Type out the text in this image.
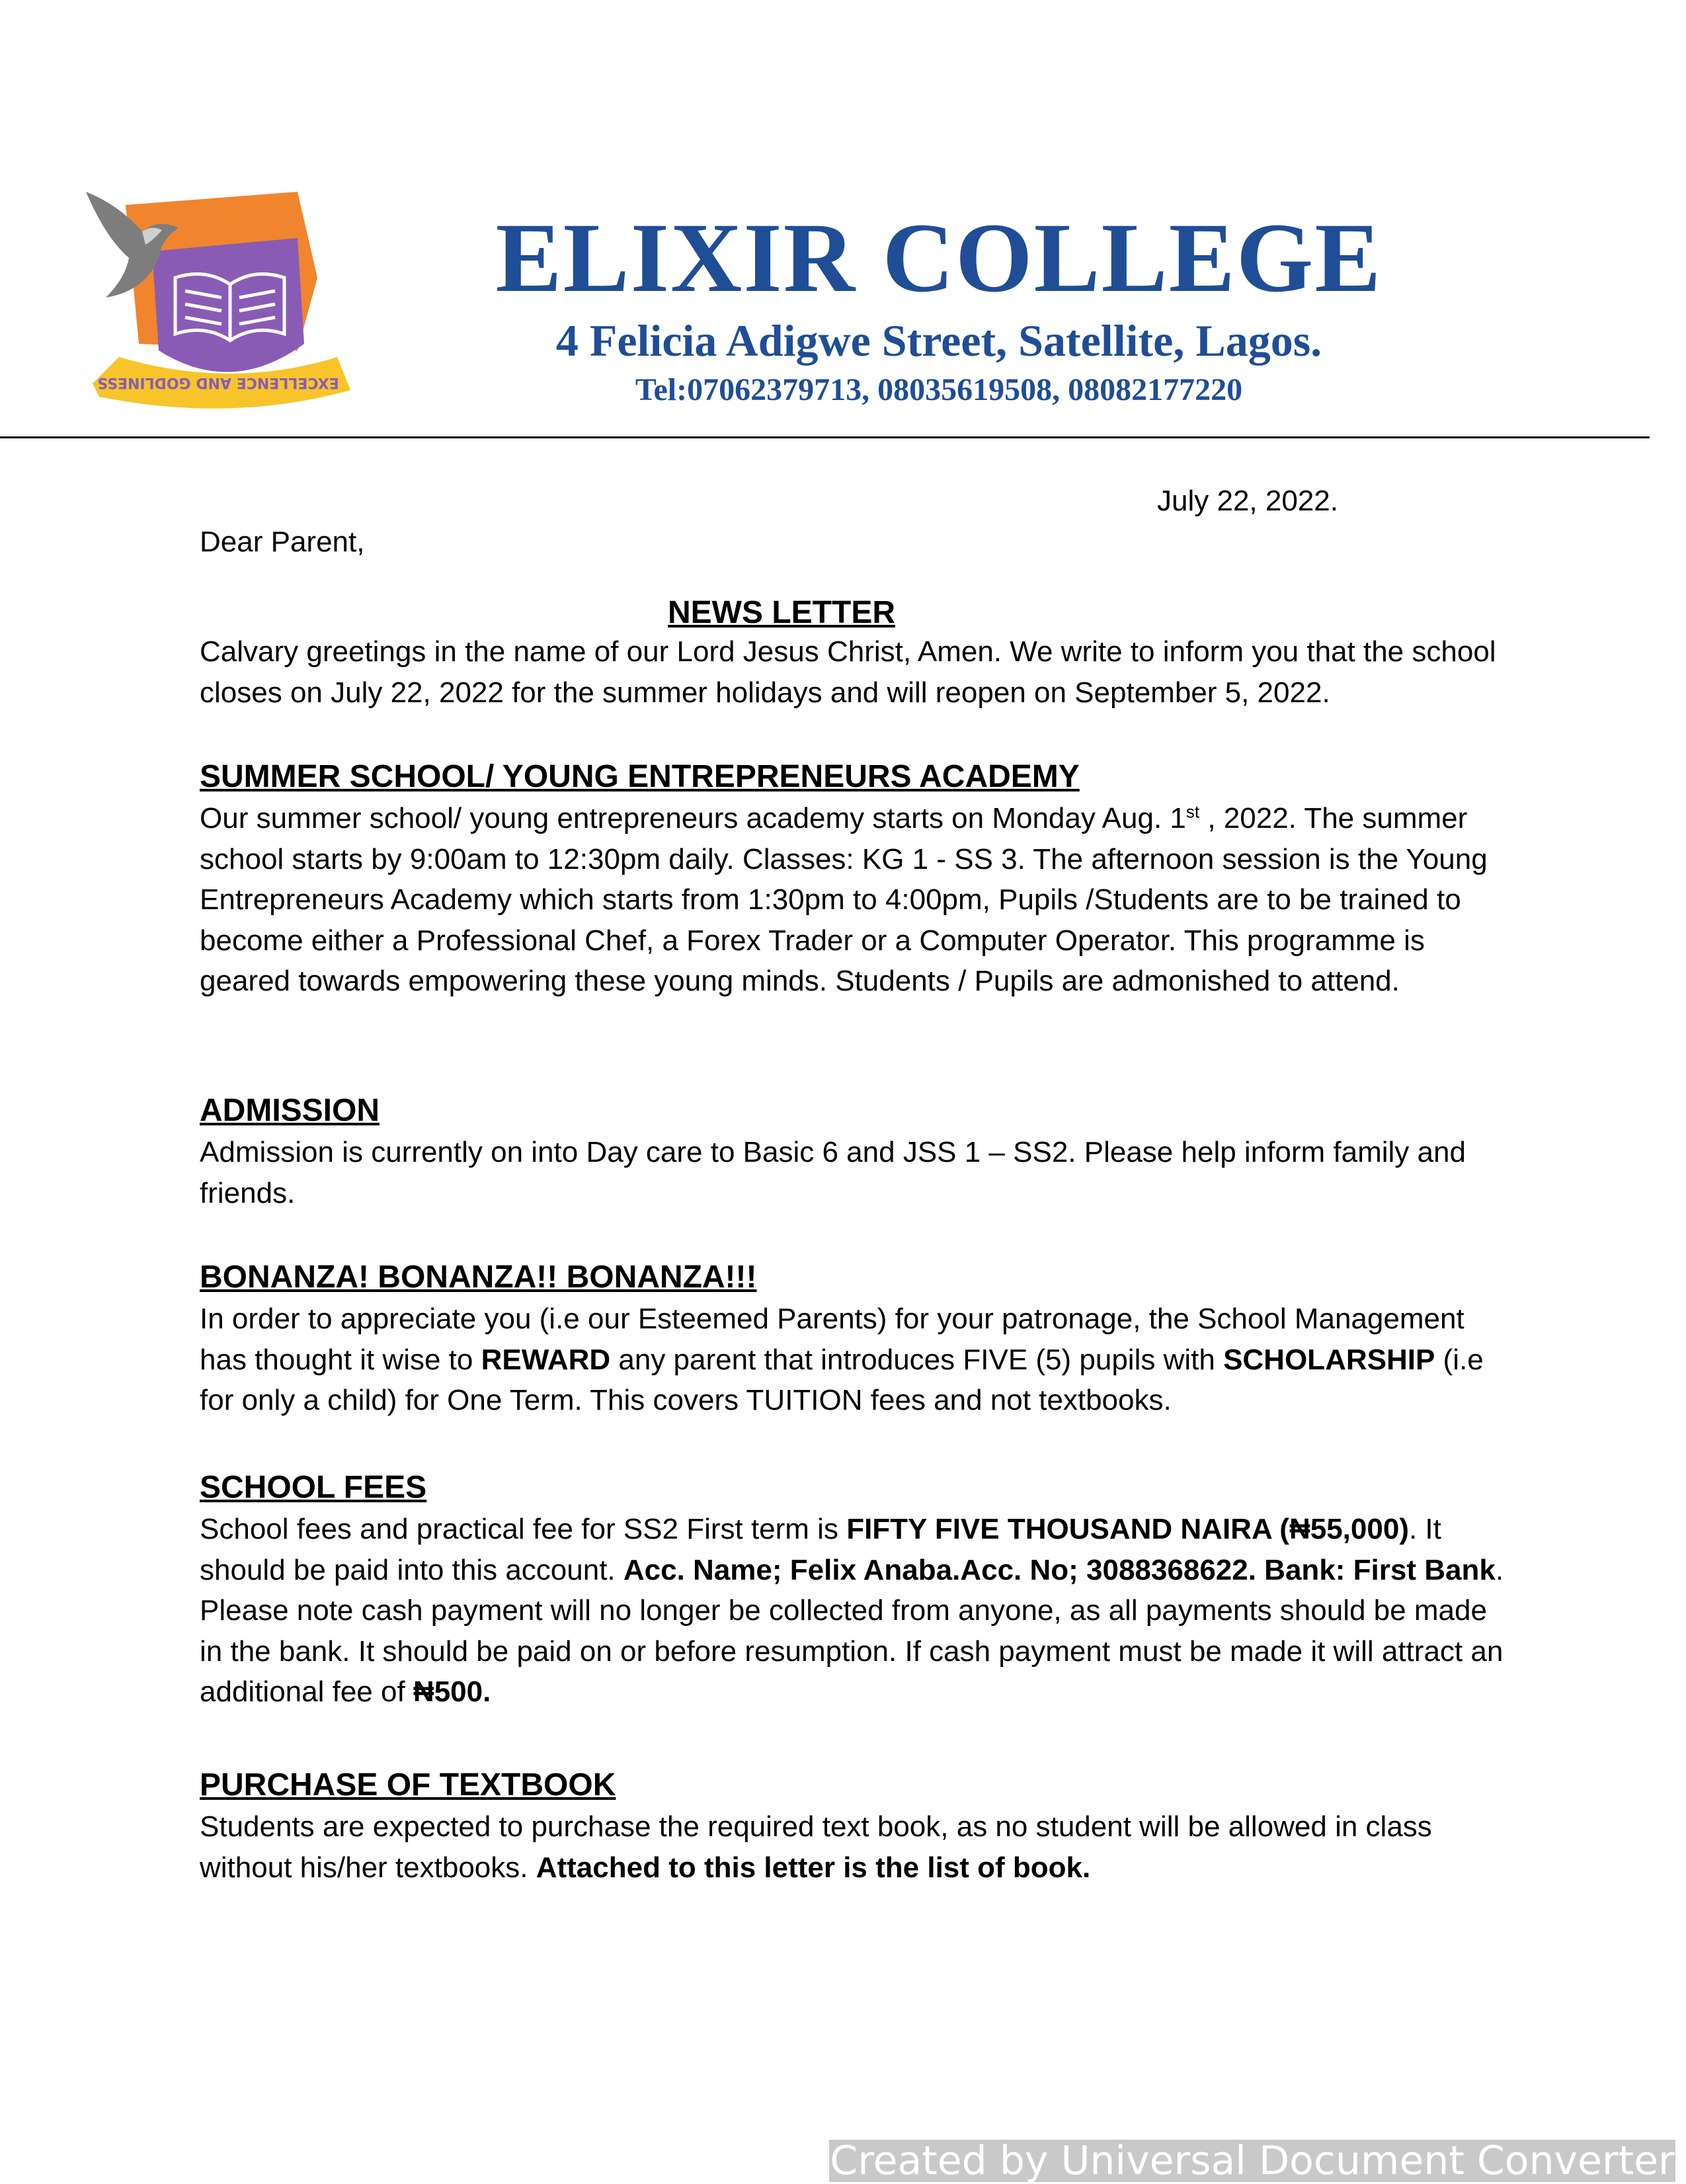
EXCELLENCE AND GODLINESS
ELIXIR COLLEGE
4 Felicia Adigwe Street, Satellite, Lagos.
Tel:07062379713, 08035619508, 08082177220
July 22, 2022.
Dear Parent,
NEWS LETTER

Calvary greetings in the name of our Lord Jesus Christ, Amen. We write to inform you that the school closes on July 22, 2022 for the summer holidays and will reopen on September 5, 2022.

SUMMER SCHOOL/ YOUNG ENTREPRENEURS ACADEMY

Our summer school/ young entrepreneurs academy starts on Monday Aug. 1st , 2022. The summer school starts by 9:00am to 12:30pm daily. Classes: KG 1 - SS 3. The afternoon session is the Young Entrepreneurs Academy which starts from 1:30pm to 4:00pm, Pupils /Students are to be trained to become either a Professional Chef, a Forex Trader or a Computer Operator. This programme is geared towards empowering these young minds. Students / Pupils are admonished to attend.

ADMISSION

Admission is currently on into Day care to Basic 6 and JSS 1 – SS2. Please help inform family and friends.

BONANZA! BONANZA!! BONANZA!!!

In order to appreciate you (i.e our Esteemed Parents) for your patronage, the School Management has thought it wise to REWARD any parent that introduces FIVE (5) pupils with SCHOLARSHIP (i.e for only a child) for One Term. This covers TUITION fees and not textbooks.

SCHOOL FEES

School fees and practical fee for SS2 First term is FIFTY FIVE THOUSAND NAIRA (₦55,000). It should be paid into this account. Acc. Name; Felix Anaba.Acc. No; 3088368622. Bank: First Bank. Please note cash payment will no longer be collected from anyone, as all payments should be made in the bank. It should be paid on or before resumption. If cash payment must be made it will attract an additional fee of ₦500.

PURCHASE OF TEXTBOOK

Students are expected to purchase the required text book, as no student will be allowed in class without his/her textbooks. Attached to this letter is the list of book.

Created by Universal Document Converter
